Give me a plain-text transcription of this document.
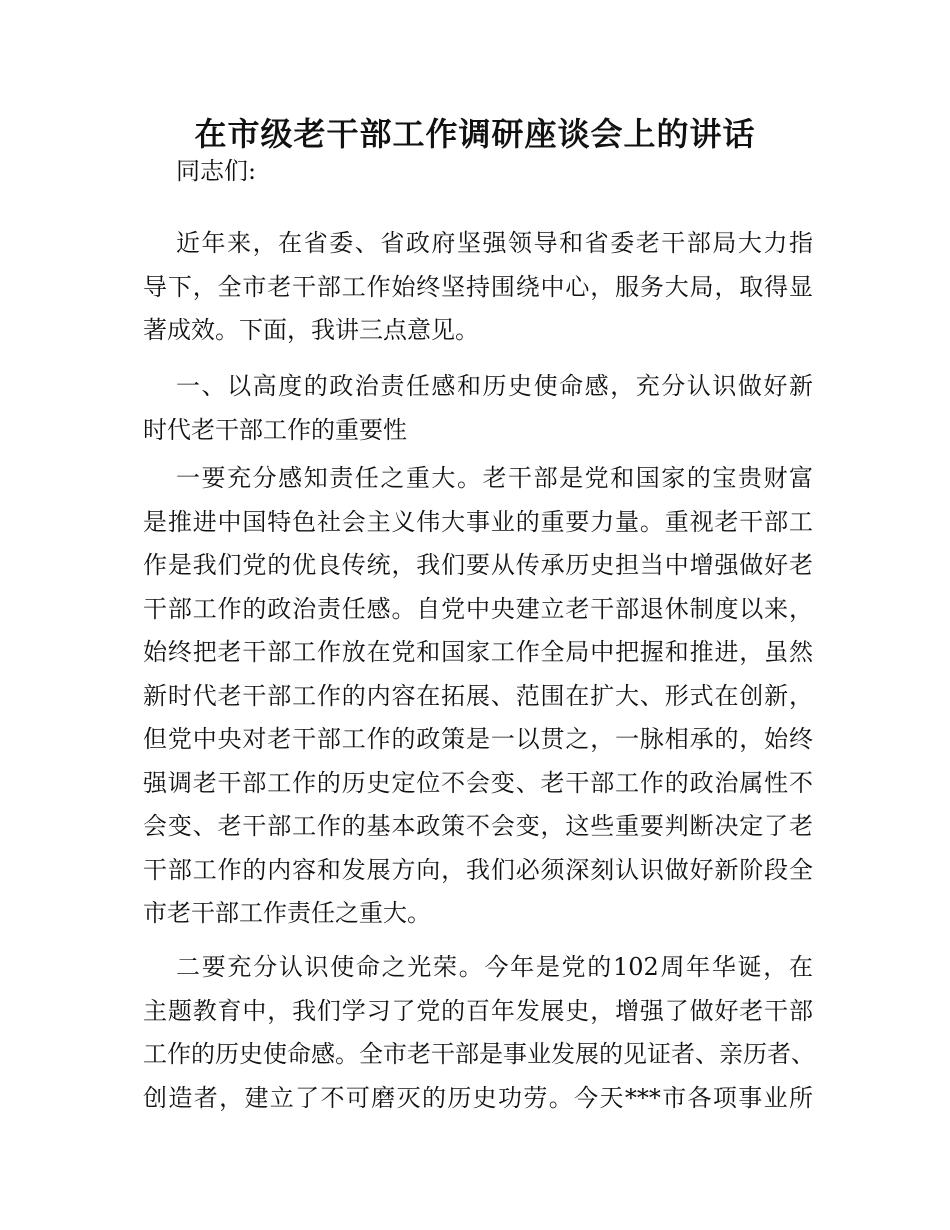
在市级老干部工作调研座谈会上的讲话
同志们:
近年来，在省委、省政府坚强领导和省委老干部局大力指
导下，全市老干部工作始终坚持围绕中心，服务大局，取得显
著成效。下面，我讲三点意见。
一、以高度的政治责任感和历史使命感，充分认识做好新
时代老干部工作的重要性
一要充分感知责任之重大。老干部是党和国家的宝贵财富
是推进中国特色社会主义伟大事业的重要力量。重视老干部工
作是我们党的优良传统，我们要从传承历史担当中增强做好老
干部工作的政治责任感。自党中央建立老干部退休制度以来，
始终把老干部工作放在党和国家工作全局中把握和推进，虽然
新时代老干部工作的内容在拓展、范围在扩大、形式在创新，
但党中央对老干部工作的政策是一以贯之，一脉相承的，始终
强调老干部工作的历史定位不会变、老干部工作的政治属性不
会变、老干部工作的基本政策不会变，这些重要判断决定了老
干部工作的内容和发展方向，我们必须深刻认识做好新阶段全
市老干部工作责任之重大。
二要充分认识使命之光荣。今年是党的102周年华诞，在
主题教育中，我们学习了党的百年发展史，增强了做好老干部
工作的历史使命感。全市老干部是事业发展的见证者、亲历者、
创造者，建立了不可磨灭的历史功劳。今天***市各项事业所
